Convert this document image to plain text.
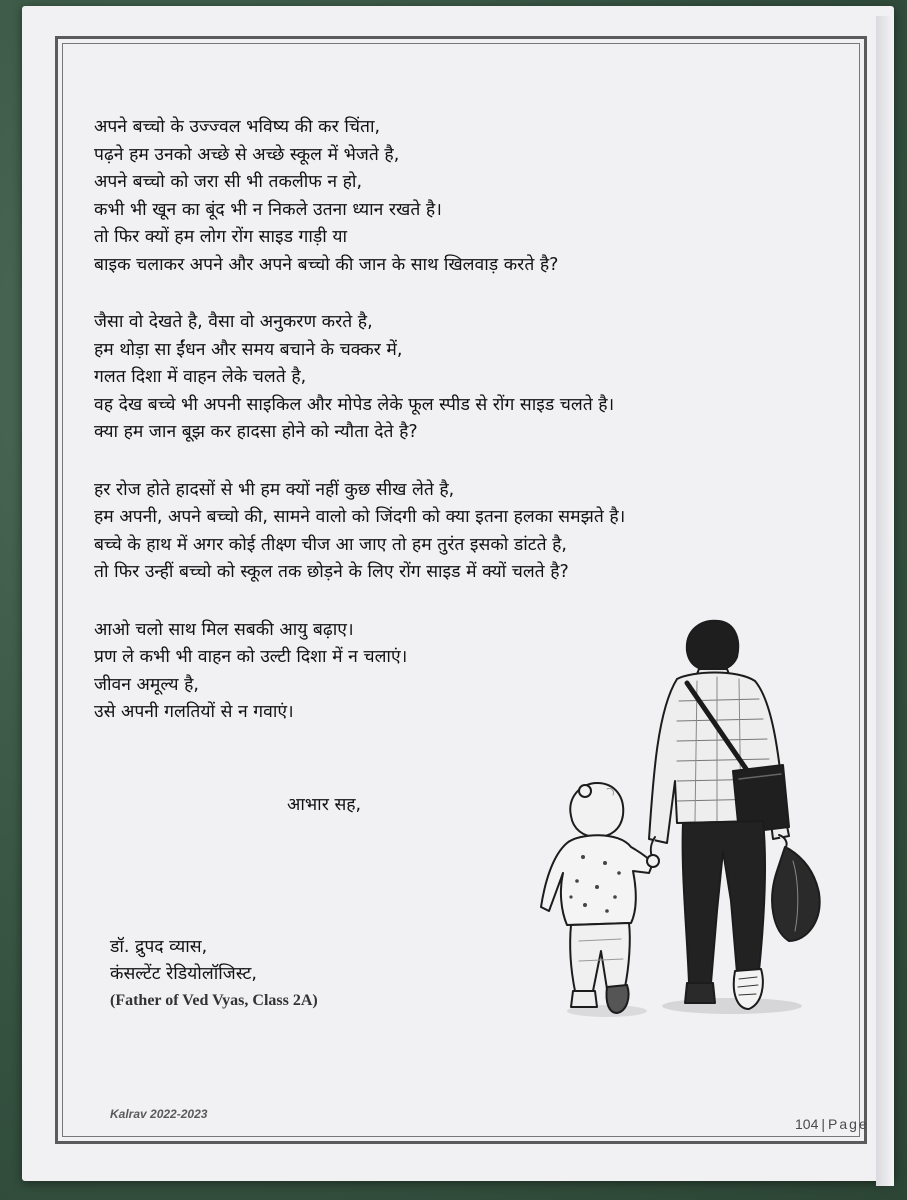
अपने बच्चो के उज्ज्वल भविष्य की कर चिंता,
पढ़ने हम उनको अच्छे से अच्छे स्कूल में भेजते है,
अपने बच्चो को जरा सी भी तकलीफ न हो,
कभी भी खून का बूंद भी न निकले उतना ध्यान रखते है।
तो फिर क्यों हम लोग रोंग साइड गाड़ी या
बाइक चलाकर अपने और अपने बच्चो की जान के साथ खिलवाड़ करते है?
जैसा वो देखते है, वैसा वो अनुकरण करते है,
हम थोड़ा सा ईंधन और समय बचाने के चक्कर में,
गलत दिशा में वाहन लेके चलते है,
वह देख बच्चे भी अपनी साइकिल और मोपेड लेके फूल स्पीड से रोंग साइड चलते है।
क्या हम जान बूझ कर हादसा होने को न्यौता देते है?
हर रोज होते हादसों से भी हम क्यों नहीं कुछ सीख लेते है,
हम अपनी, अपने बच्चो की, सामने वालो को जिंदगी को क्या इतना हलका समझते है।
बच्चे के हाथ में अगर कोई तीक्ष्ण चीज आ जाए तो हम तुरंत इसको डांटते है,
तो फिर उन्हीं बच्चो को स्कूल तक छोड़ने के लिए रोंग साइड में क्यों चलते है?
आओ चलो साथ मिल सबकी आयु बढ़ाए।
प्रण ले कभी भी वाहन को उल्टी दिशा में न चलाएं।
जीवन अमूल्य है,
उसे अपनी गलतियों से न गवाएं।
आभार सह,
डॉ. द्रुपद व्यास,
कंसल्टेंट रेडियोलॉजिस्ट,
(Father of Ved Vyas, Class 2A)
Kalrav 2022-2023
104 | Page
